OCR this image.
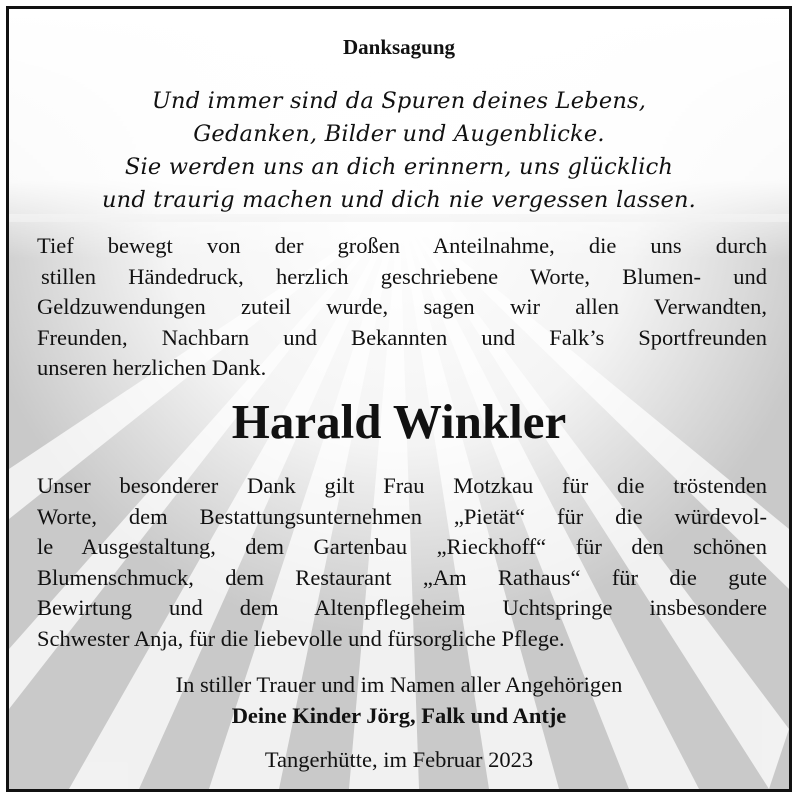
Danksagung
Und immer sind da Spuren deines Lebens,
Gedanken, Bilder und Augenblicke.
Sie werden uns an dich erinnern, uns glücklich
und traurig machen und dich nie vergessen lassen.
Tief bewegt von der großen Anteilnahme, die uns durch
stillen Händedruck, herzlich geschriebene Worte, Blumen- und
Geldzuwendungen zuteil wurde, sagen wir allen Verwandten,
Freunden, Nachbarn und Bekannten und Falk’s Sportfreunden
unseren herzlichen Dank.
Harald Winkler
Unser besonderer Dank gilt Frau Motzkau für die tröstenden
Worte, dem Bestattungsunternehmen „Pietät“ für die würdevol-
le Ausgestaltung, dem Gartenbau „Rieckhoff“ für den schönen
Blumenschmuck, dem Restaurant „Am Rathaus“ für die gute
Bewirtung und dem Altenpflegeheim Uchtspringe insbesondere
Schwester Anja, für die liebevolle und fürsorgliche Pflege.
In stiller Trauer und im Namen aller Angehörigen
Deine Kinder Jörg, Falk und Antje
Tangerhütte, im Februar 2023
